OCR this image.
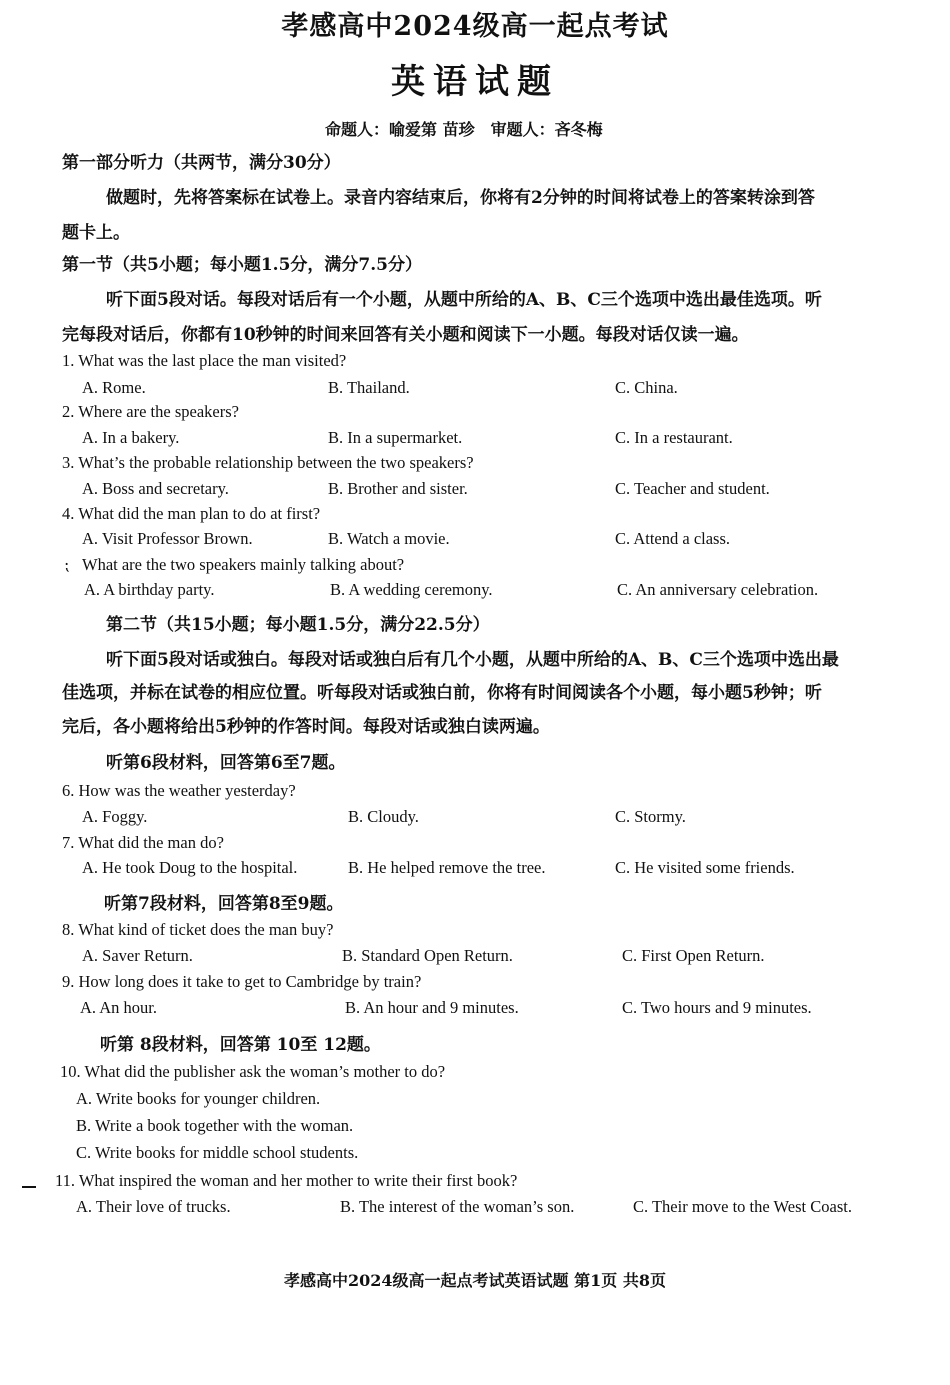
孝感高中2024级高一起点考试
英语试题
命题人：喻爱第 苗珍　审题人：吝冬梅
第一部分听力（共两节，满分30分）
做题时，先将答案标在试卷上。录音内容结束后，你将有2分钟的时间将试卷上的答案转涂到答
题卡上。
第一节（共5小题；每小题1.5分，满分7.5分）
听下面5段对话。每段对话后有一个小题，从题中所给的A、B、C三个选项中选出最佳选项。听
完每段对话后，你都有10秒钟的时间来回答有关小题和阅读下一小题。每段对话仅读一遍。
1. What was the last place the man visited?
A. Rome.	B. Thailand.	C. China.
2. Where are the speakers?
A. In a bakery.	B. In a supermarket.	C. In a restaurant.
3. What’s the probable relationship between the two speakers?
A. Boss and secretary.	B. Brother and sister.	C. Teacher and student.
4. What did the man plan to do at first?
A. Visit Professor Brown.	B. Watch a movie.	C. Attend a class.
⁏ What are the two speakers mainly talking about?
A. A birthday party.	B. A wedding ceremony.	C. An anniversary celebration.
第二节（共15小题；每小题1.5分，满分22.5分）
听下面5段对话或独白。每段对话或独白后有几个小题，从题中所给的A、B、C三个选项中选出最
佳选项，并标在试卷的相应位置。听每段对话或独白前，你将有时间阅读各个小题，每小题5秒钟；听
完后，各小题将给出5秒钟的作答时间。每段对话或独白读两遍。
听第6段材料，回答第6至7题。
6. How was the weather yesterday?
A. Foggy.	B. Cloudy.	C. Stormy.
7. What did the man do?
A. He took Doug to the hospital.	B. He helped remove the tree.	C. He visited some friends.
听第7段材料，回答第8至9题。
8. What kind of ticket does the man buy?
A. Saver Return.	B. Standard Open Return.	C. First Open Return.
9. How long does it take to get to Cambridge by train?
A. An hour.	B. An hour and 9 minutes.	C. Two hours and 9 minutes.
听第 8段材料，回答第 10至 12题。
10. What did the publisher ask the woman’s mother to do?
A. Write books for younger children.
B. Write a book together with the woman.
C. Write books for middle school students.
11. What inspired the woman and her mother to write their first book?
A. Their love of trucks.	B. The interest of the woman’s son.	C. Their move to the West Coast.
孝感高中2024级高一起点考试英语试题 第1页 共8页
